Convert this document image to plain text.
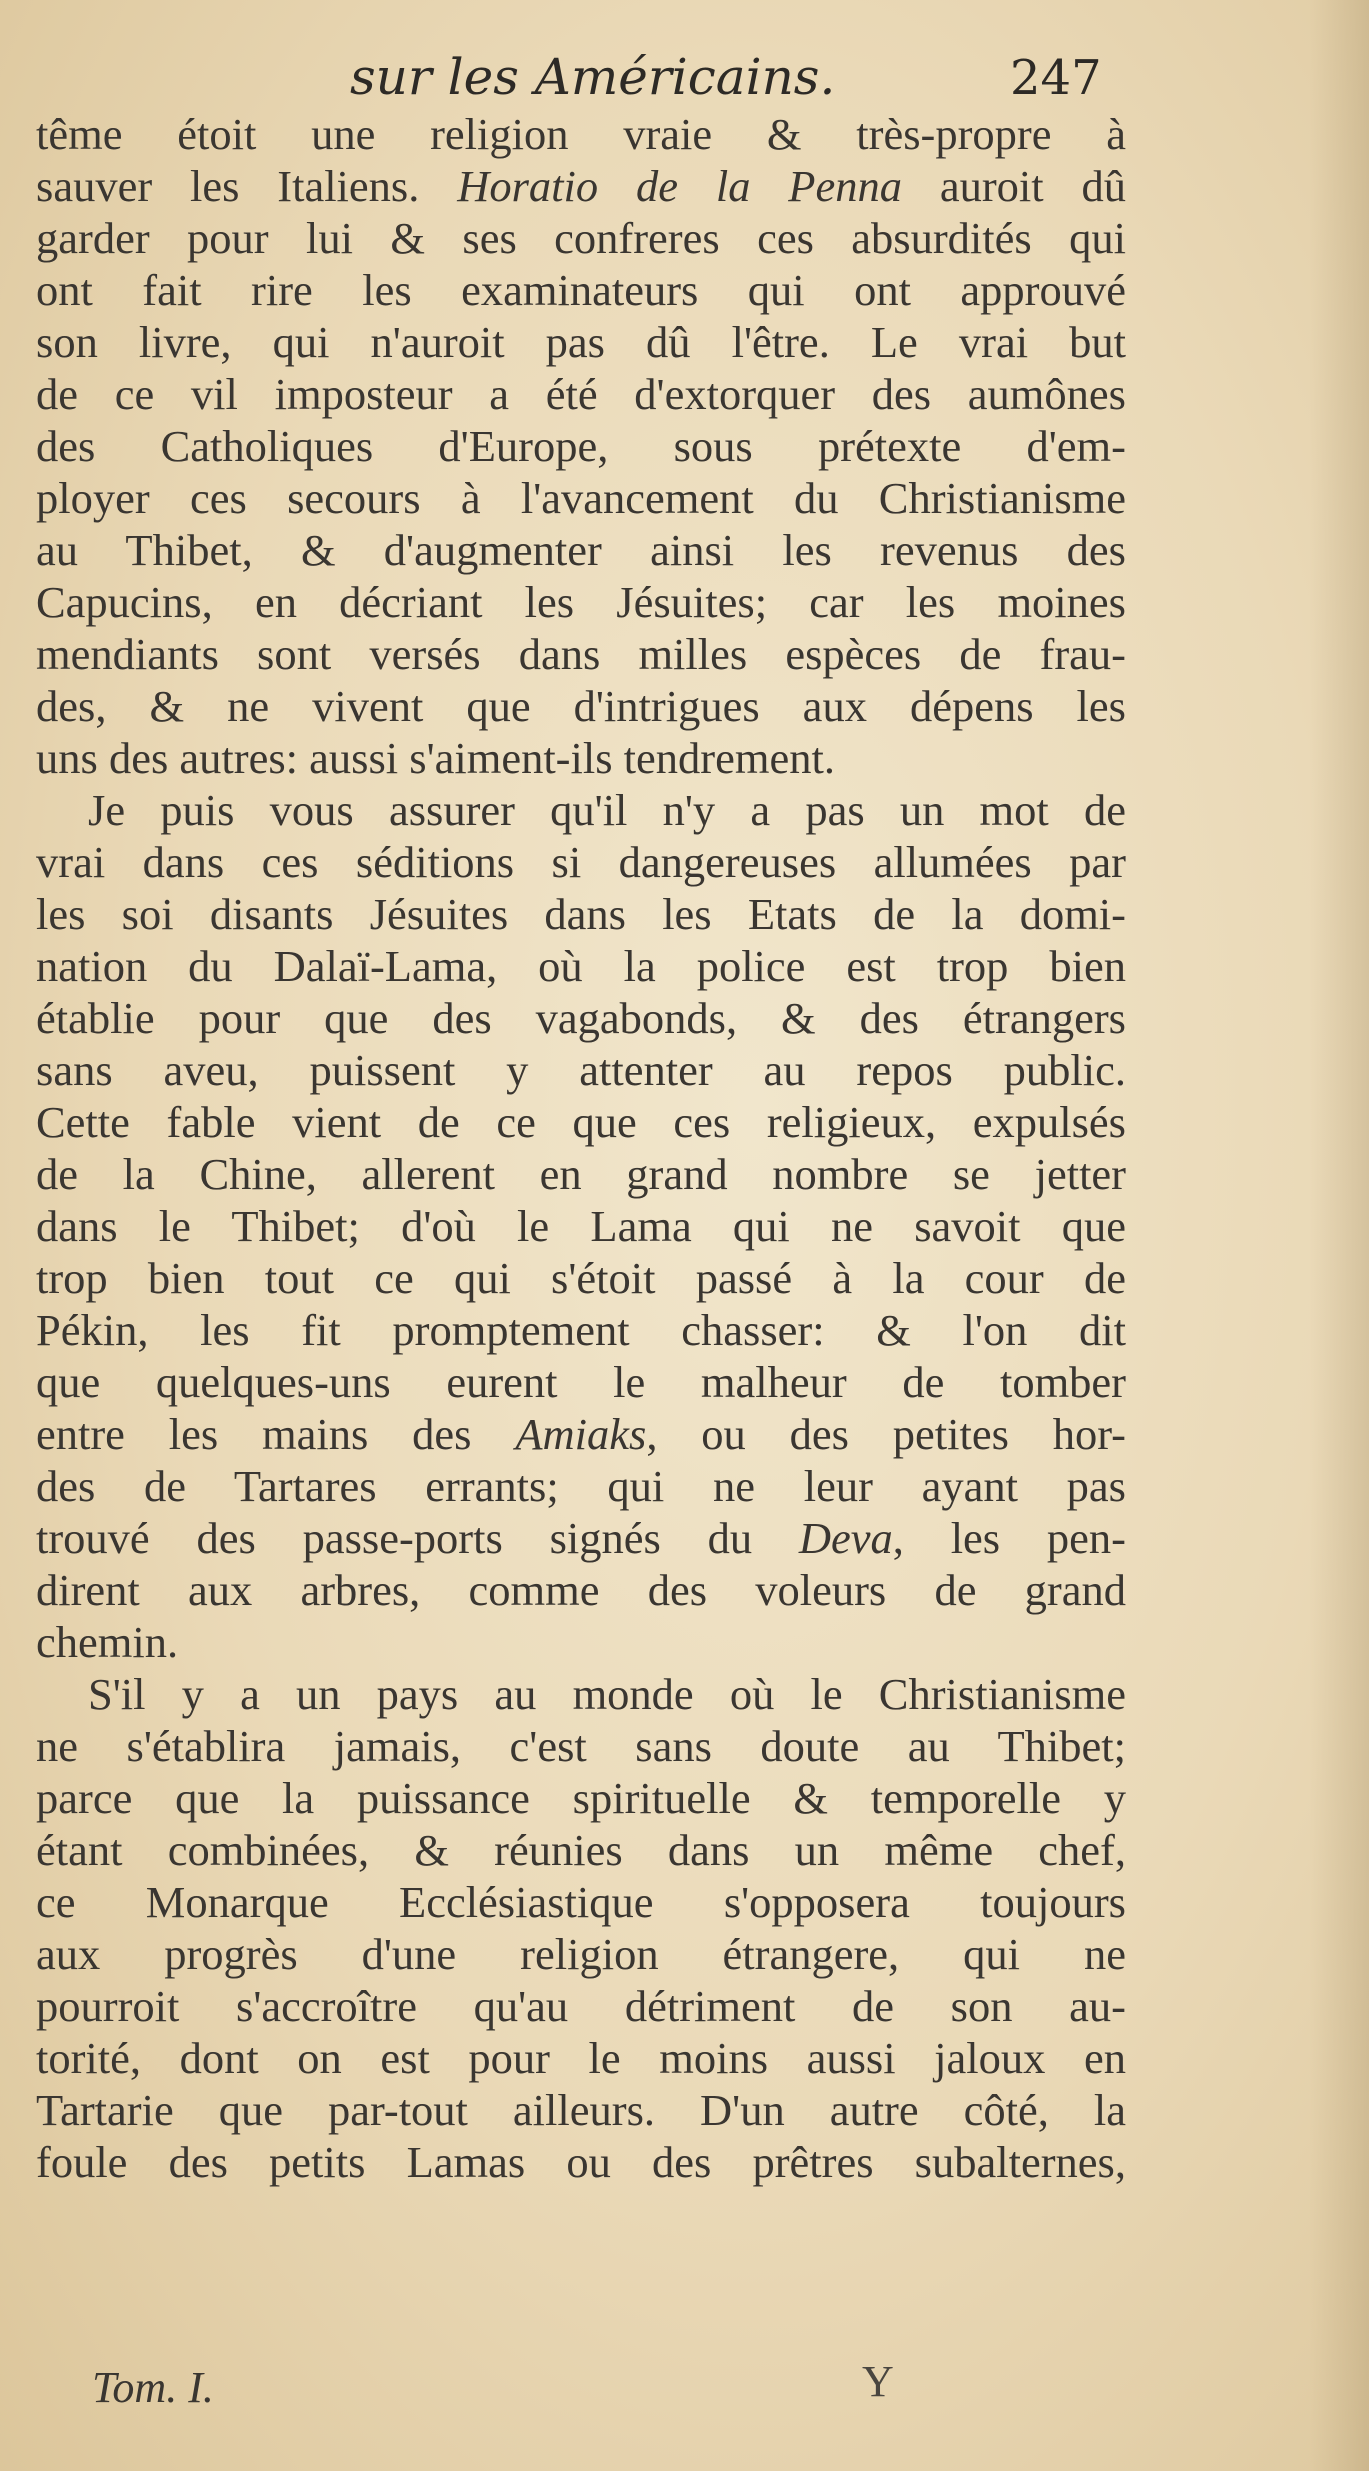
sur les Américains.	247
tême étoit une religion vraie & très-propre à
sauver les Italiens. Horatio de la Penna auroit dû
garder pour lui & ses confreres ces absurdités qui
ont fait rire les examinateurs qui ont approuvé
son livre, qui n'auroit pas dû l'être. Le vrai but
de ce vil imposteur a été d'extorquer des aumônes
des Catholiques d'Europe, sous prétexte d'em-
ployer ces secours à l'avancement du Christianisme
au Thibet, & d'augmenter ainsi les revenus des
Capucins, en décriant les Jésuites; car les moines
mendiants sont versés dans milles espèces de frau-
des, & ne vivent que d'intrigues aux dépens les
uns des autres: aussi s'aiment-ils tendrement.
Je puis vous assurer qu'il n'y a pas un mot de
vrai dans ces séditions si dangereuses allumées par
les soi disants Jésuites dans les Etats de la domi-
nation du Dalaï-Lama, où la police est trop bien
établie pour que des vagabonds, & des étrangers
sans aveu, puissent y attenter au repos public.
Cette fable vient de ce que ces religieux, expulsés
de la Chine, allerent en grand nombre se jetter
dans le Thibet; d'où le Lama qui ne savoit que
trop bien tout ce qui s'étoit passé à la cour de
Pékin, les fit promptement chasser: & l'on dit
que quelques-uns eurent le malheur de tomber
entre les mains des Amiaks, ou des petites hor-
des de Tartares errants; qui ne leur ayant pas
trouvé des passe-ports signés du Deva, les pen-
dirent aux arbres, comme des voleurs de grand
chemin.
S'il y a un pays au monde où le Christianisme
ne s'établira jamais, c'est sans doute au Thibet;
parce que la puissance spirituelle & temporelle y
étant combinées, & réunies dans un même chef,
ce Monarque Ecclésiastique s'opposera toujours
aux progrès d'une religion étrangere, qui ne
pourroit s'accroître qu'au détriment de son au-
torité, dont on est pour le moins aussi jaloux en
Tartarie que par-tout ailleurs. D'un autre côté, la
foule des petits Lamas ou des prêtres subalternes,
Tom. I.	Y
